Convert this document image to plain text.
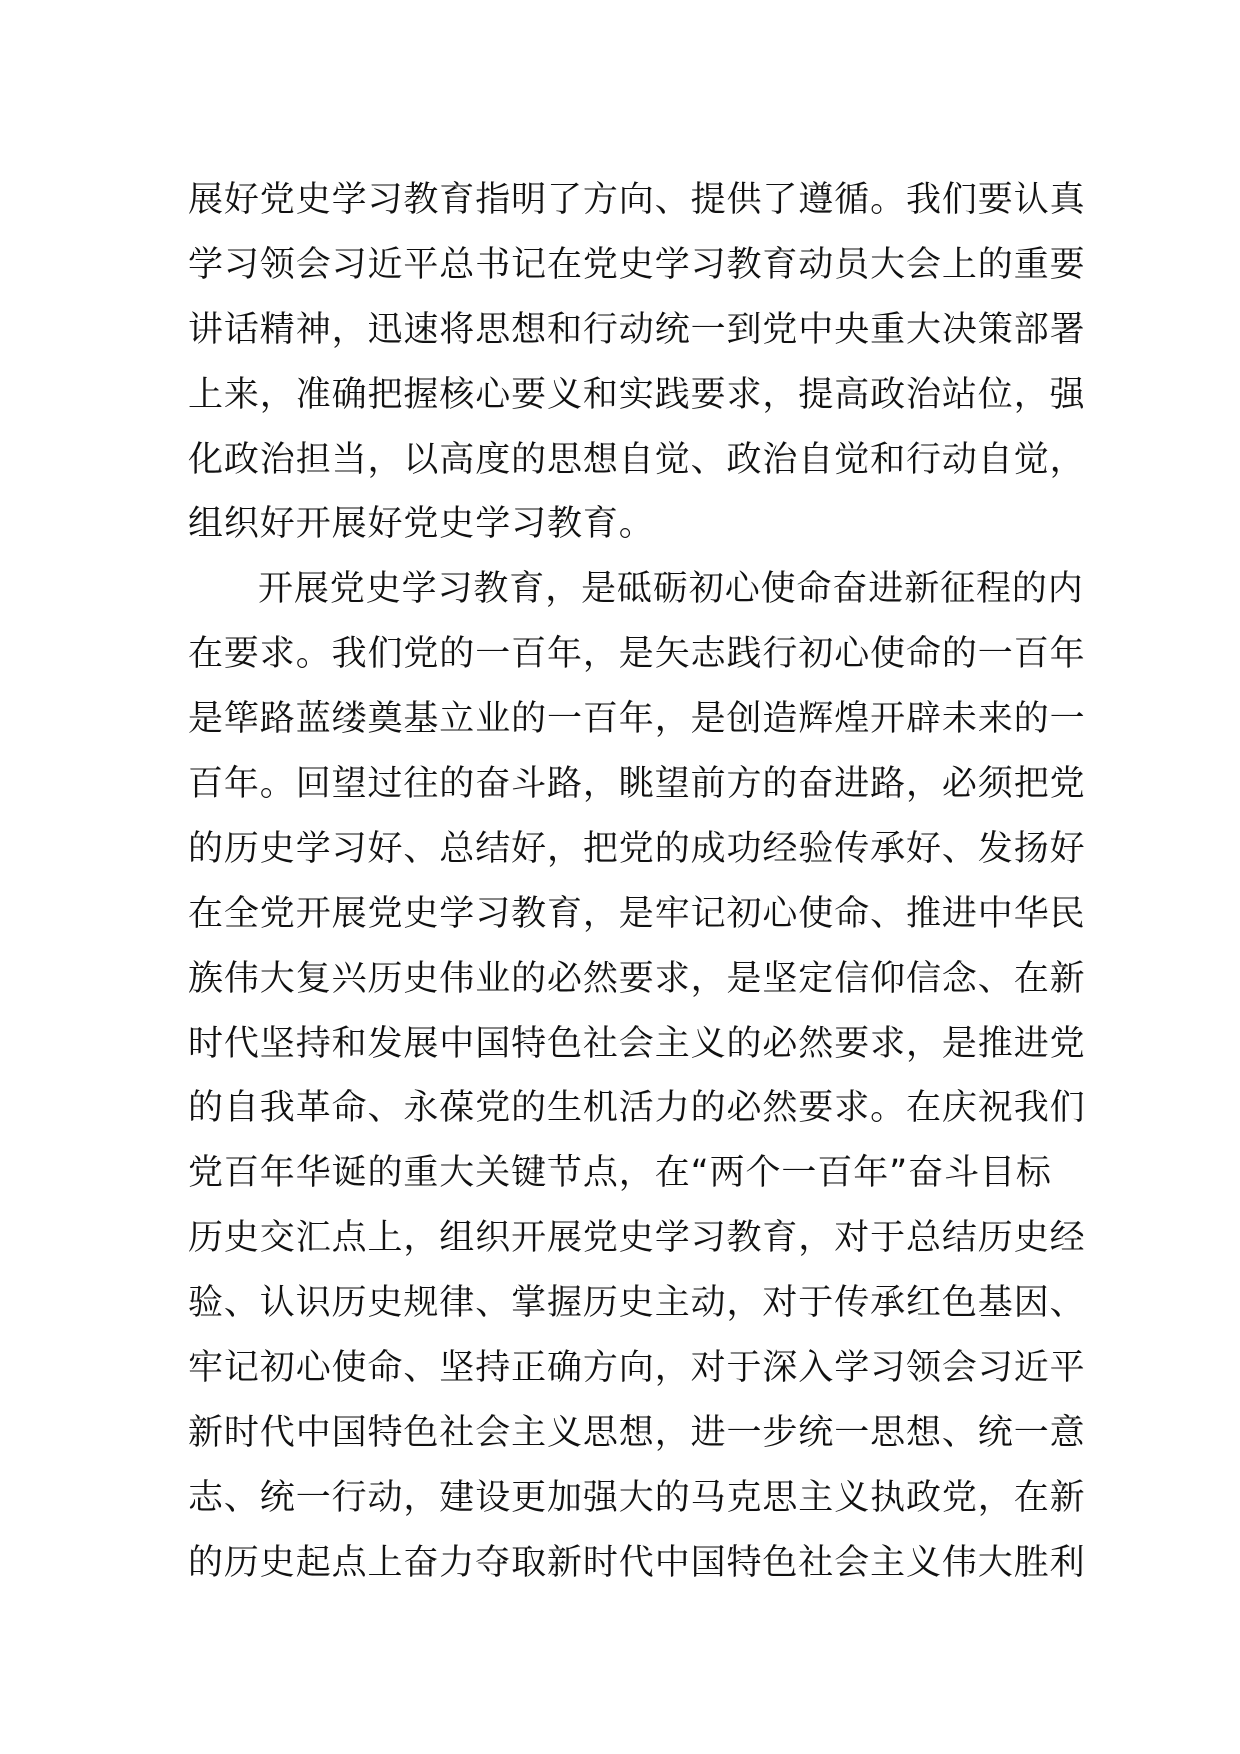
展好党史学习教育指明了方向、提供了遵循。我们要认真
学习领会习近平总书记在党史学习教育动员大会上的重要
讲话精神，迅速将思想和行动统一到党中央重大决策部署
上来，准确把握核心要义和实践要求，提高政治站位，强
化政治担当，以高度的思想自觉、政治自觉和行动自觉，
组织好开展好党史学习教育。

开展党史学习教育，是砥砺初心使命奋进新征程的内
在要求。我们党的一百年，是矢志践行初心使命的一百年
是筚路蓝缕奠基立业的一百年，是创造辉煌开辟未来的一
百年。回望过往的奋斗路，眺望前方的奋进路，必须把党
的历史学习好、总结好，把党的成功经验传承好、发扬好
在全党开展党史学习教育，是牢记初心使命、推进中华民
族伟大复兴历史伟业的必然要求，是坚定信仰信念、在新
时代坚持和发展中国特色社会主义的必然要求，是推进党
的自我革命、永葆党的生机活力的必然要求。在庆祝我们
党百年华诞的重大关键节点，在“两个一百年”奋斗目标
历史交汇点上，组织开展党史学习教育，对于总结历史经
验、认识历史规律、掌握历史主动，对于传承红色基因、
牢记初心使命、坚持正确方向，对于深入学习领会习近平
新时代中国特色社会主义思想，进一步统一思想、统一意
志、统一行动，建设更加强大的马克思主义执政党，在新
的历史起点上奋力夺取新时代中国特色社会主义伟大胜利
